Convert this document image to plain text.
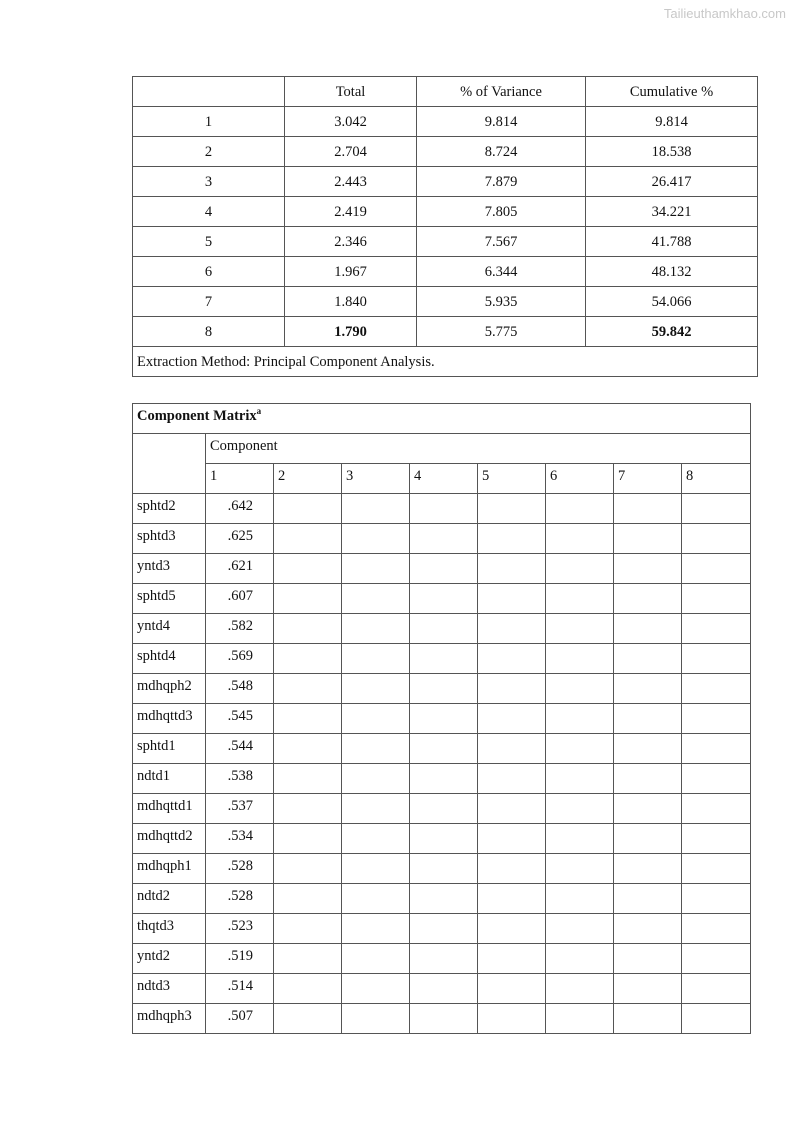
Tailieuthamkhao.com
	Total	% of Variance	Cumulative %
1	3.042	9.814	9.814
2	2.704	8.724	18.538
3	2.443	7.879	26.417
4	2.419	7.805	34.221
5	2.346	7.567	41.788
6	1.967	6.344	48.132
7	1.840	5.935	54.066
8	1.790	5.775	59.842
Extraction Method: Principal Component Analysis.			
Component Matrix$^a$
	Component							
	1	2	3	4	5	6	7	8
sphtd2	.642							
sphtd3	.625							
yntd3	.621							
sphtd5	.607							
yntd4	.582							
sphtd4	.569							
mdhqph2	.548							
mdhqttd3	.545							
sphtd1	.544							
ndtd1	.538							
mdhqttd1	.537							
mdhqttd2	.534							
mdhqph1	.528							
ndtd2	.528							
thqtd3	.523							
yntd2	.519							
ndtd3	.514							
mdhqph3	.507							
